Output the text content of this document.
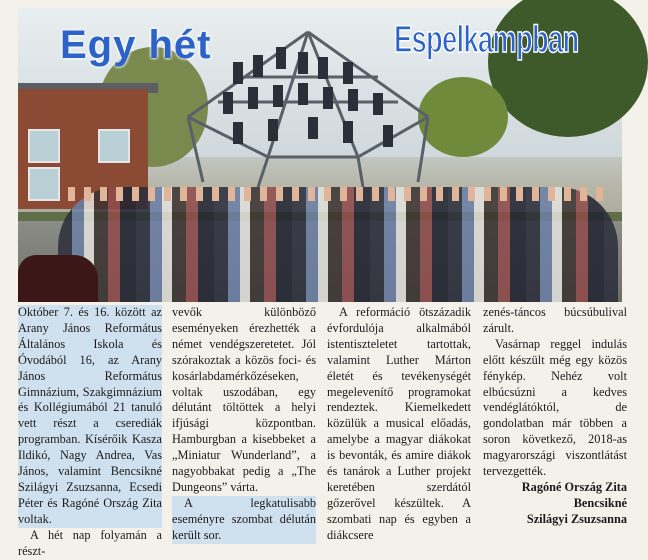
Egy hét	Espelkampban

Október 7. és 16. között az Arany János Református Általános Iskola és Óvodából 16, az Arany János Református Gimnázium, Szakgimnázium és Kollégiumából 21 tanuló vett részt a cserediák programban. Kísérőik Kasza Ildikó, Nagy Andrea, Vas János, valamint Bencsikné Szilágyi Zsuzsanna, Ecsedi Péter és Ragóné Ország Zita voltak.

A hét nap folyamán a részt-

vevők különböző eseményeken érezhették a német vendégszeretetet. Jól szórakoztak a közös foci- és kosárlabdamérkőzéseken, voltak uszodában, egy délutánt töltöttek a helyi ifjúsági központban. Hamburgban a kisebbeket a „Miniatur Wunderland”, a nagyobbakat pedig a „The Dungeons” várta.

A legkatulisabb eseményre szombat délután került sor.

A reformáció ötszázadik évfordulója alkalmából istentiszteletet tartottak, valamint Luther Márton életét és tevékenységét megelevenítő programokat rendeztek. Kiemelkedett közülük a musical előadás, amelybe a magyar diákokat is bevonták, és amire diákok és tanárok a Luther projekt keretében szerdától gőzerővel készültek. A szombati nap és egyben a diákcsere

zenés-táncos búcsúbulival zárult.

Vasárnap reggel indulás előtt készült még egy közös fénykép. Nehéz volt elbúcsúzni a kedves vendéglátóktól, de gondolatban már többen a soron következő, 2018-as magyarországi viszontlátást tervezgették.

Ragóné Ország Zita

Bencsikné

Szilágyi Zsuzsanna
